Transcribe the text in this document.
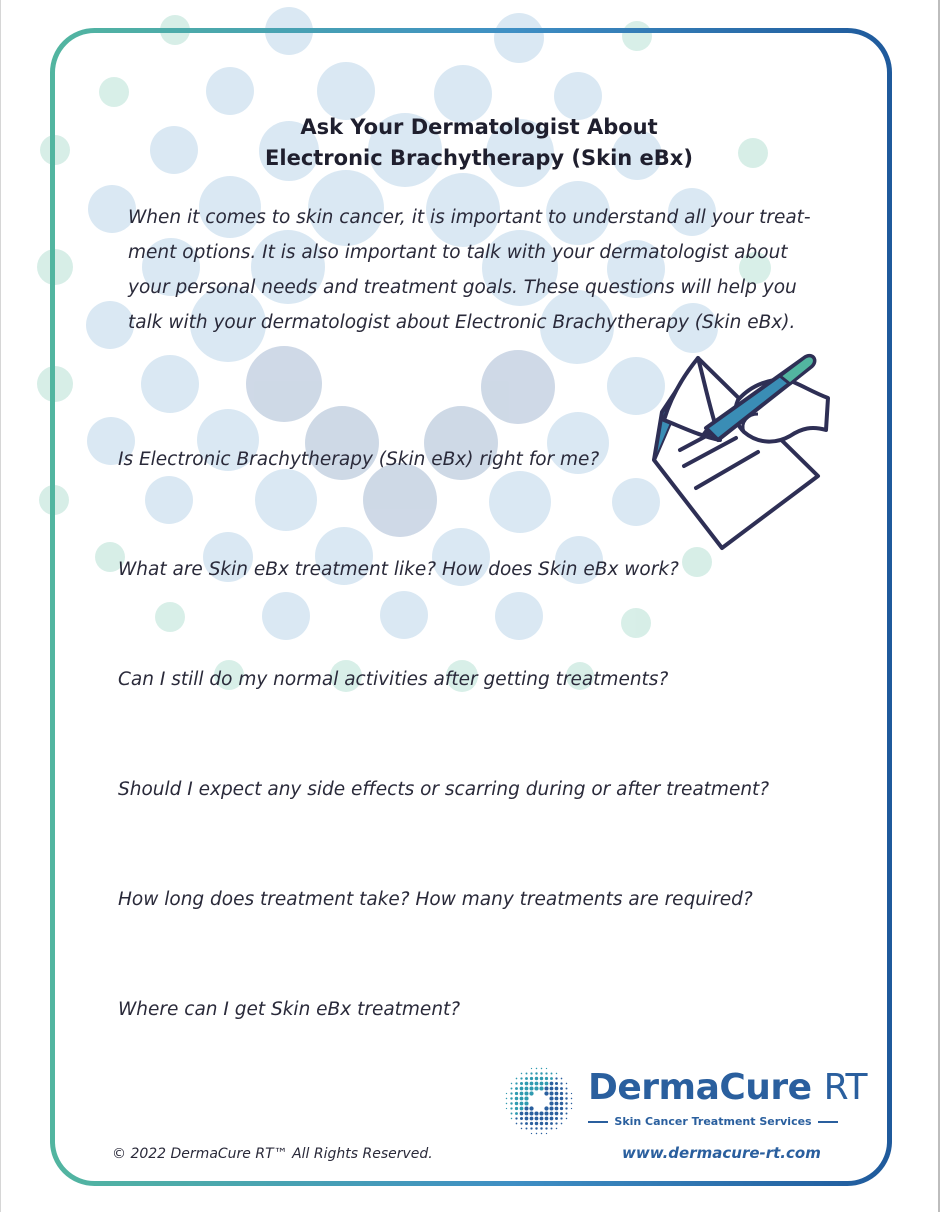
Ask Your Dermatologist About
Electronic Brachytherapy (Skin eBx)
When it comes to skin cancer, it is important to understand all your treat-ment options. It is also important to talk with your dermatologist about your personal needs and treatment goals. These questions will help you talk with your dermatologist about Electronic Brachytherapy (Skin eBx).
Is Electronic Brachytherapy (Skin eBx) right for me?
What are Skin eBx treatment like? How does Skin eBx work?
Can I still do my normal activities after getting treatments?
Should I expect any side effects or scarring during or after treatment?
How long does treatment take? How many treatments are required?
Where can I get Skin eBx treatment?
DermaCure RT
Skin Cancer Treatment Services
© 2022 DermaCure RT™ All Rights Reserved.	www.dermacure-rt.com
